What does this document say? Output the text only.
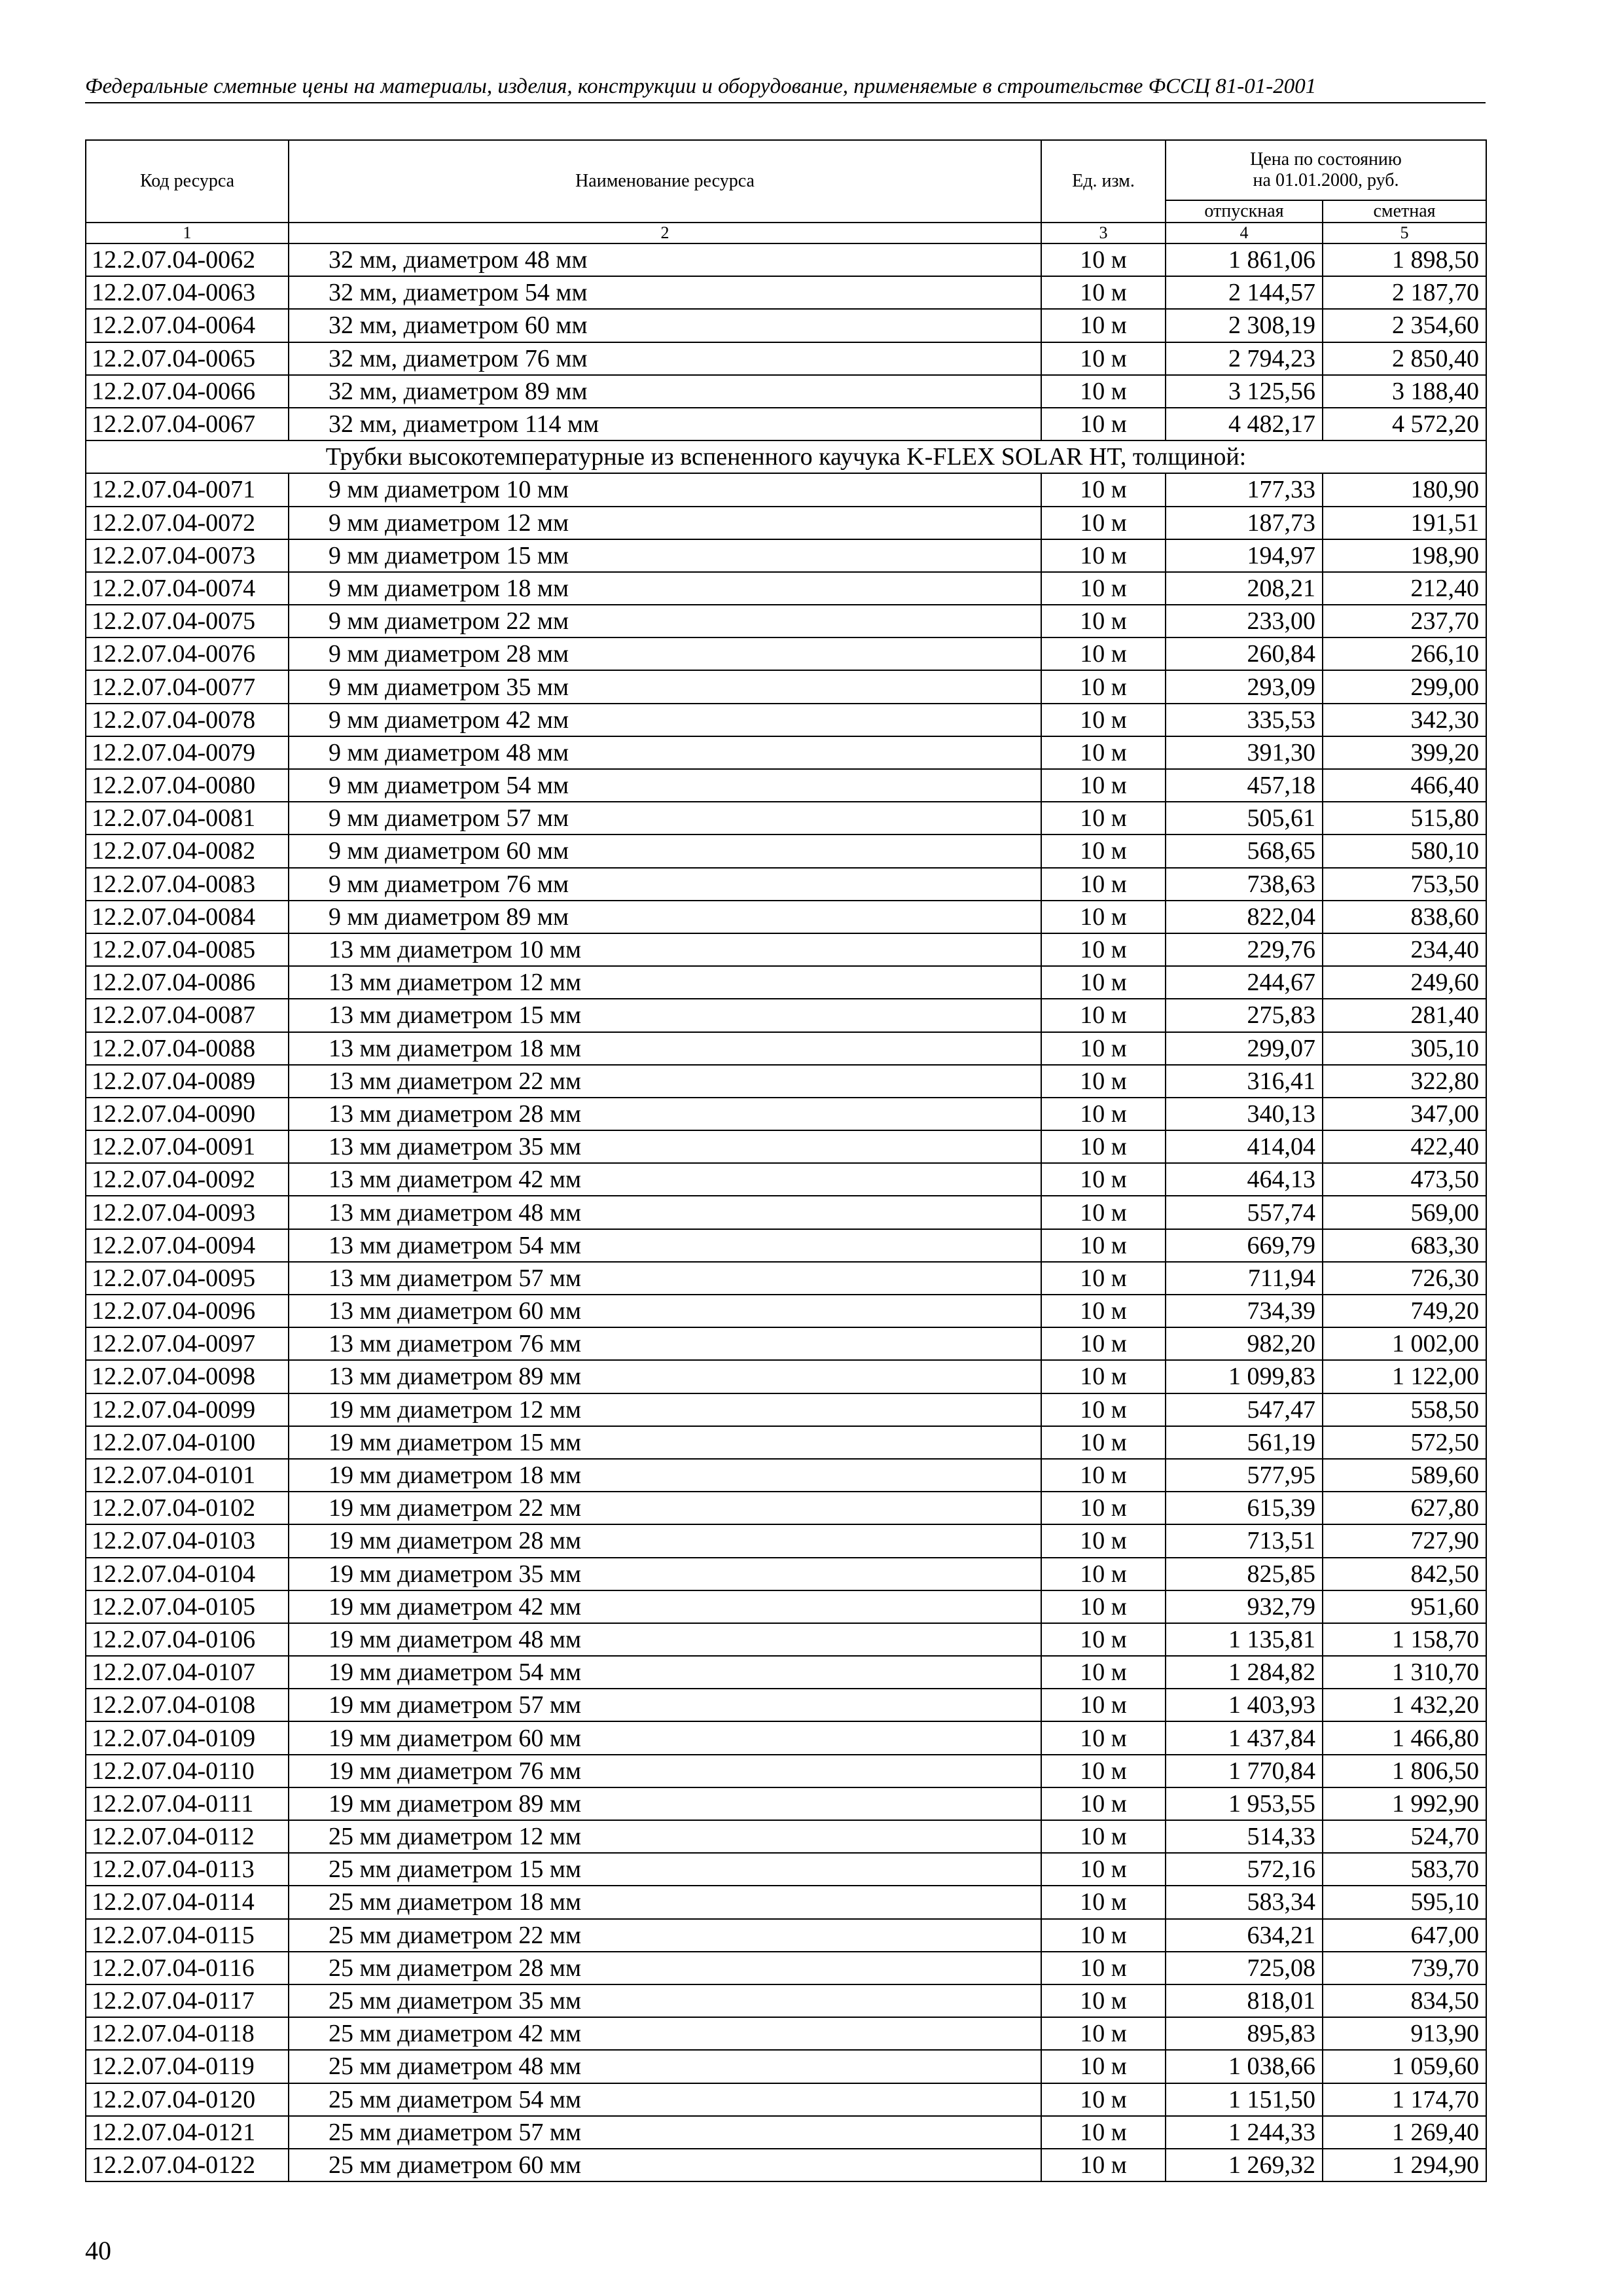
Федеральные сметные цены на материалы, изделия, конструкции и оборудование, применяемые в строительстве ФССЦ 81-01-2001
Код ресурса	Наименование ресурса	Ед. изм.	Цена по состоянию на 01.01.2000, руб.	
			отпускная	сметная
1	2	3	4	5
12.2.07.04-0062	32 мм, диаметром 48 мм	10 м	1 861,06	1 898,50
12.2.07.04-0063	32 мм, диаметром 54 мм	10 м	2 144,57	2 187,70
12.2.07.04-0064	32 мм, диаметром 60 мм	10 м	2 308,19	2 354,60
12.2.07.04-0065	32 мм, диаметром 76 мм	10 м	2 794,23	2 850,40
12.2.07.04-0066	32 мм, диаметром 89 мм	10 м	3 125,56	3 188,40
12.2.07.04-0067	32 мм, диаметром 114 мм	10 м	4 482,17	4 572,20
Трубки высокотемпературные из вспененного каучука K-FLEX SOLAR HT, толщиной:				
12.2.07.04-0071	9 мм диаметром 10 мм	10 м	177,33	180,90
12.2.07.04-0072	9 мм диаметром 12 мм	10 м	187,73	191,51
12.2.07.04-0073	9 мм диаметром 15 мм	10 м	194,97	198,90
12.2.07.04-0074	9 мм диаметром 18 мм	10 м	208,21	212,40
12.2.07.04-0075	9 мм диаметром 22 мм	10 м	233,00	237,70
12.2.07.04-0076	9 мм диаметром 28 мм	10 м	260,84	266,10
12.2.07.04-0077	9 мм диаметром 35 мм	10 м	293,09	299,00
12.2.07.04-0078	9 мм диаметром 42 мм	10 м	335,53	342,30
12.2.07.04-0079	9 мм диаметром 48 мм	10 м	391,30	399,20
12.2.07.04-0080	9 мм диаметром 54 мм	10 м	457,18	466,40
12.2.07.04-0081	9 мм диаметром 57 мм	10 м	505,61	515,80
12.2.07.04-0082	9 мм диаметром 60 мм	10 м	568,65	580,10
12.2.07.04-0083	9 мм диаметром 76 мм	10 м	738,63	753,50
12.2.07.04-0084	9 мм диаметром 89 мм	10 м	822,04	838,60
12.2.07.04-0085	13 мм диаметром 10 мм	10 м	229,76	234,40
12.2.07.04-0086	13 мм диаметром 12 мм	10 м	244,67	249,60
12.2.07.04-0087	13 мм диаметром 15 мм	10 м	275,83	281,40
12.2.07.04-0088	13 мм диаметром 18 мм	10 м	299,07	305,10
12.2.07.04-0089	13 мм диаметром 22 мм	10 м	316,41	322,80
12.2.07.04-0090	13 мм диаметром 28 мм	10 м	340,13	347,00
12.2.07.04-0091	13 мм диаметром 35 мм	10 м	414,04	422,40
12.2.07.04-0092	13 мм диаметром 42 мм	10 м	464,13	473,50
12.2.07.04-0093	13 мм диаметром 48 мм	10 м	557,74	569,00
12.2.07.04-0094	13 мм диаметром 54 мм	10 м	669,79	683,30
12.2.07.04-0095	13 мм диаметром 57 мм	10 м	711,94	726,30
12.2.07.04-0096	13 мм диаметром 60 мм	10 м	734,39	749,20
12.2.07.04-0097	13 мм диаметром 76 мм	10 м	982,20	1 002,00
12.2.07.04-0098	13 мм диаметром 89 мм	10 м	1 099,83	1 122,00
12.2.07.04-0099	19 мм диаметром 12 мм	10 м	547,47	558,50
12.2.07.04-0100	19 мм диаметром 15 мм	10 м	561,19	572,50
12.2.07.04-0101	19 мм диаметром 18 мм	10 м	577,95	589,60
12.2.07.04-0102	19 мм диаметром 22 мм	10 м	615,39	627,80
12.2.07.04-0103	19 мм диаметром 28 мм	10 м	713,51	727,90
12.2.07.04-0104	19 мм диаметром 35 мм	10 м	825,85	842,50
12.2.07.04-0105	19 мм диаметром 42 мм	10 м	932,79	951,60
12.2.07.04-0106	19 мм диаметром 48 мм	10 м	1 135,81	1 158,70
12.2.07.04-0107	19 мм диаметром 54 мм	10 м	1 284,82	1 310,70
12.2.07.04-0108	19 мм диаметром 57 мм	10 м	1 403,93	1 432,20
12.2.07.04-0109	19 мм диаметром 60 мм	10 м	1 437,84	1 466,80
12.2.07.04-0110	19 мм диаметром 76 мм	10 м	1 770,84	1 806,50
12.2.07.04-0111	19 мм диаметром 89 мм	10 м	1 953,55	1 992,90
12.2.07.04-0112	25 мм диаметром 12 мм	10 м	514,33	524,70
12.2.07.04-0113	25 мм диаметром 15 мм	10 м	572,16	583,70
12.2.07.04-0114	25 мм диаметром 18 мм	10 м	583,34	595,10
12.2.07.04-0115	25 мм диаметром 22 мм	10 м	634,21	647,00
12.2.07.04-0116	25 мм диаметром 28 мм	10 м	725,08	739,70
12.2.07.04-0117	25 мм диаметром 35 мм	10 м	818,01	834,50
12.2.07.04-0118	25 мм диаметром 42 мм	10 м	895,83	913,90
12.2.07.04-0119	25 мм диаметром 48 мм	10 м	1 038,66	1 059,60
12.2.07.04-0120	25 мм диаметром 54 мм	10 м	1 151,50	1 174,70
12.2.07.04-0121	25 мм диаметром 57 мм	10 м	1 244,33	1 269,40
12.2.07.04-0122	25 мм диаметром 60 мм	10 м	1 269,32	1 294,90
40
